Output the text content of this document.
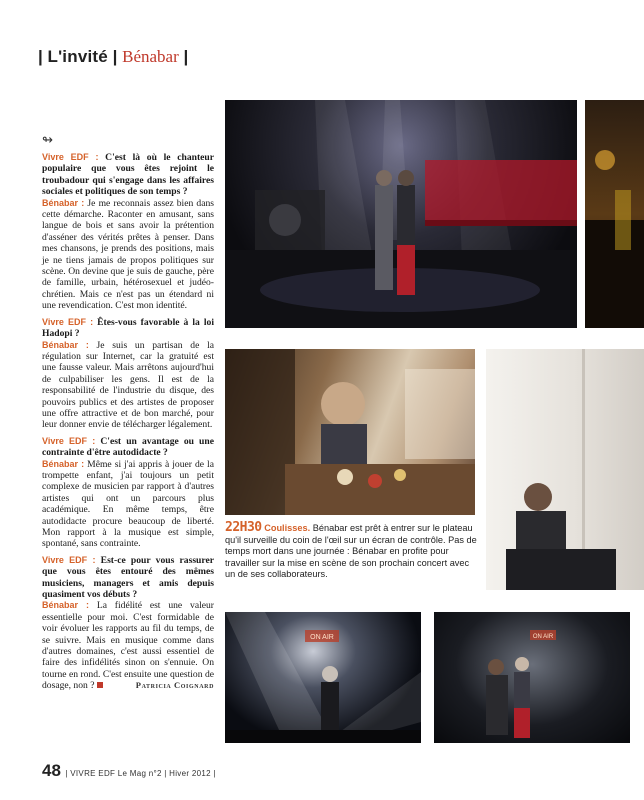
| L'invité | Bénabar |
↬

Vivre EDF : C'est là où le chanteur populaire que vous êtes rejoint le troubadour qui s'engage dans les affaires sociales et politiques de son temps ?

Bénabar : Je me reconnais assez bien dans cette démarche. Raconter en amusant, sans langue de bois et sans avoir la prétention d'asséner des vérités prêtes à penser. Dans mes chansons, je prends des positions, mais je ne tiens jamais de propos politiques sur scène. On devine que je suis de gauche, père de famille, urbain, hétérosexuel et judéo-chrétien. Mais ce n'est pas un étendard ni une revendication. C'est mon identité.

Vivre EDF : Êtes-vous favorable à la loi Hadopi ?

Bénabar : Je suis un partisan de la régulation sur Internet, car la gratuité est une fausse valeur. Mais arrêtons aujourd'hui de culpabiliser les gens. Il est de la responsabilité de l'industrie du disque, des pouvoirs publics et des artistes de proposer une offre attractive et de bon marché, pour leur donner envie de télécharger légalement.

Vivre EDF : C'est un avantage ou une contrainte d'être autodidacte ?

Bénabar : Même si j'ai appris à jouer de la trompette enfant, j'ai toujours un petit complexe de musicien par rapport à d'autres artistes qui ont un parcours plus académique. En même temps, être autodidacte procure beaucoup de liberté. Mon rapport à la musique est simple, spontané, sans contrainte.

Vivre EDF : Est-ce pour vous rassurer que vous êtes entouré des mêmes musiciens, managers et amis depuis quasiment vos débuts ?

Bénabar : La fidélité est une valeur essentielle pour moi. C'est formidable de voir évoluer les rapports au fil du temps, de se suivre. Mais en musique comme dans d'autres domaines, c'est aussi essentiel de faire des infidélités sinon on s'ennuie. On tourne en rond. C'est ensuite une question de dosage, non ?	Patricia Coignard

ON AIR	ON AIR
22H30 Coulisses. Bénabar est prêt à entrer sur le plateau qu'il surveille du coin de l'œil sur un écran de contrôle. Pas de temps mort dans une journée : Bénabar en profite pour travailler sur la mise en scène de son prochain concert avec un de ses collaborateurs.
48 | VIVRE EDF Le Mag n°2 | Hiver 2012 |
